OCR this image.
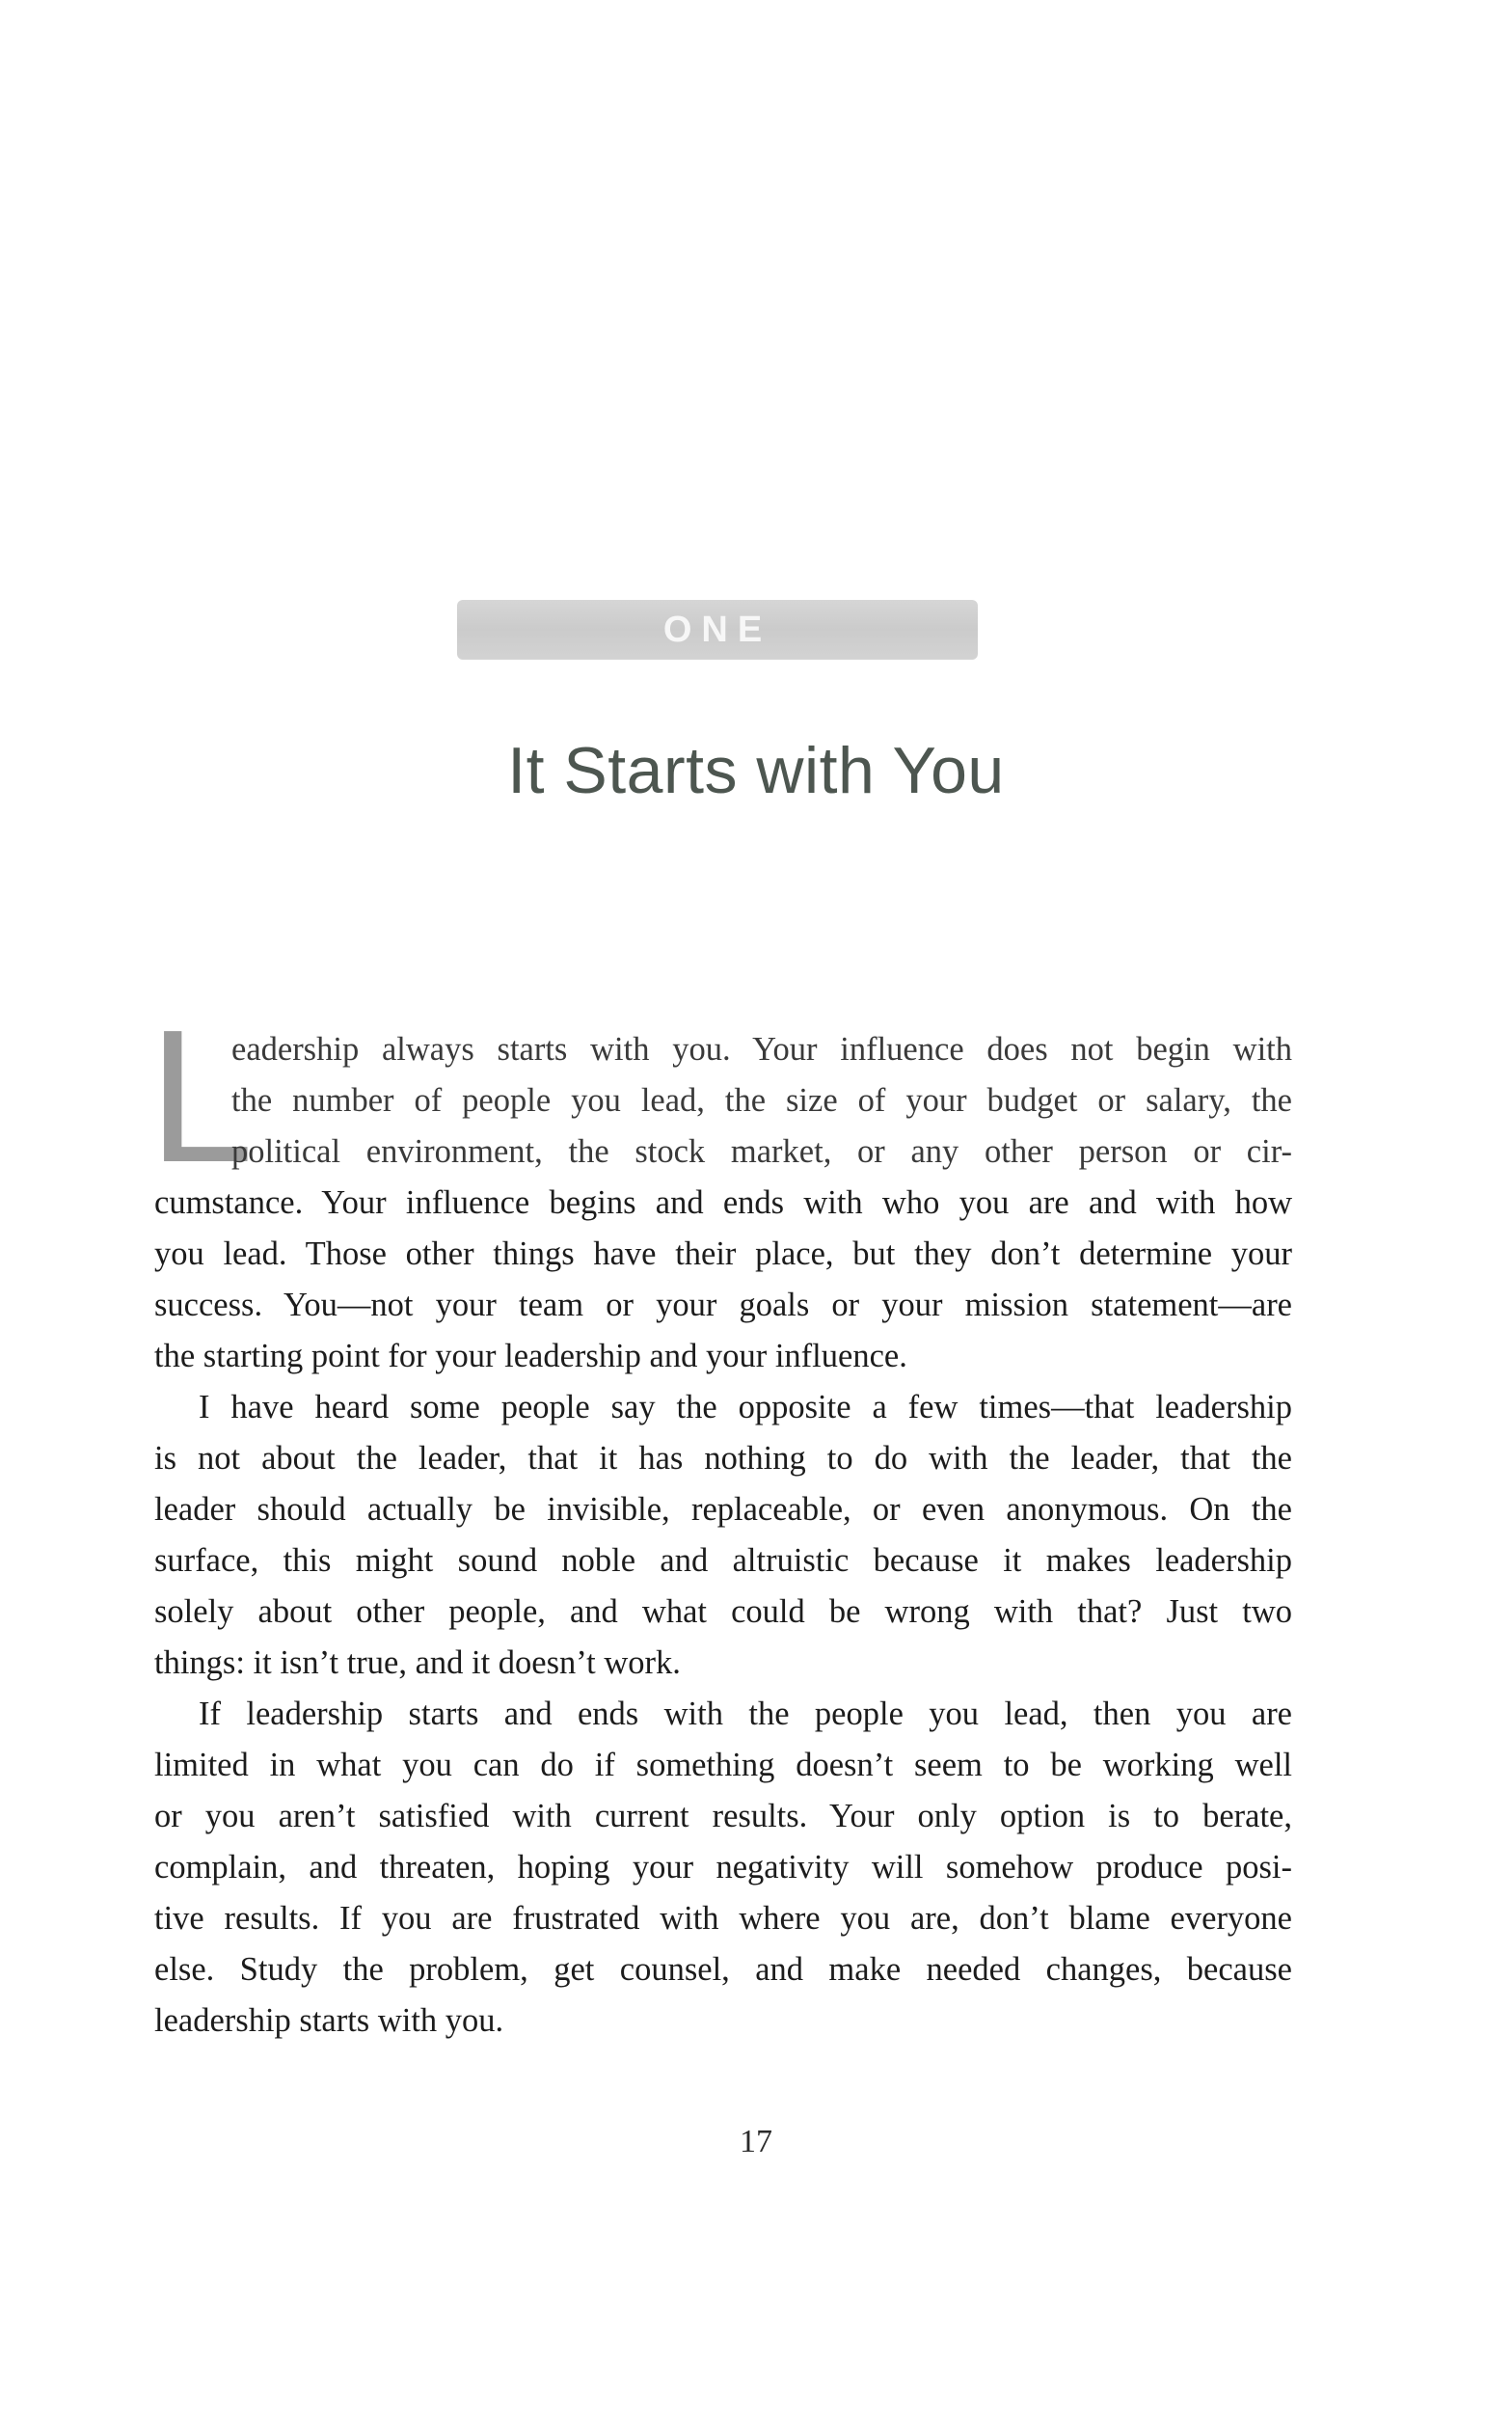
ONE
It Starts with You
L
eadership always starts with you. Your influence does not begin with
the number of people you lead, the size of your budget or salary, the
political environment, the stock market, or any other person or cir-

cumstance. Your influence begins and ends with who you are and with how
you lead. Those other things have their place, but they don’t determine your
success. You—not your team or your goals or your mission statement—are
the starting point for your leadership and your influence.

I have heard some people say the opposite a few times—that leadership
is not about the leader, that it has nothing to do with the leader, that the
leader should actually be invisible, replaceable, or even anonymous. On the
surface, this might sound noble and altruistic because it makes leadership
solely about other people, and what could be wrong with that? Just two
things: it isn’t true, and it doesn’t work.

If leadership starts and ends with the people you lead, then you are
limited in what you can do if something doesn’t seem to be working well
or you aren’t satisfied with current results. Your only option is to berate,
complain, and threaten, hoping your negativity will somehow produce posi-
tive results. If you are frustrated with where you are, don’t blame everyone
else. Study the problem, get counsel, and make needed changes, because
leadership starts with you.

17
